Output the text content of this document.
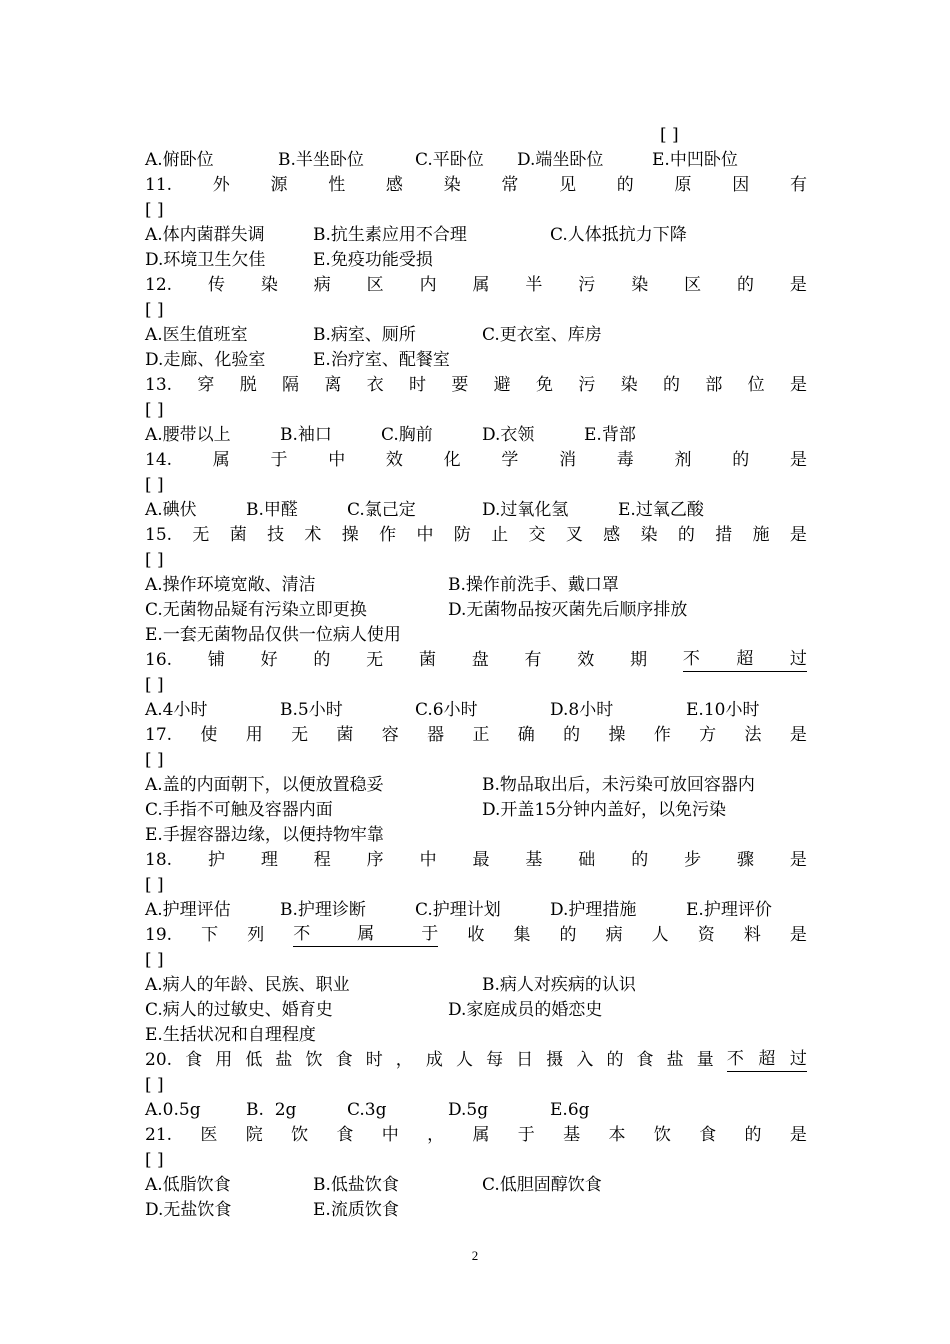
[ ]
A.俯卧位	B.半坐卧位	C.平卧位 D.端坐卧位	E.中凹卧位
11. 外 源 性 感 染 常 见 的 原 因 有
[ ]
A.体内菌群失调	B.抗生素应用不合理	C.人体抵抗力下降
D.环境卫生欠佳	E.免疫功能受损
12. 传 染 病 区 内 属 半 污 染 区 的 是
[ ]
A.医生值班室	B.病室、厕所	C.更衣室、库房
D.走廊、化验室	E.治疗室、配餐室
13. 穿 脱 隔 离 衣 时 要 避 免 污 染 的 部 位 是
[ ]
A.腰带以上	B.袖口	C.胸前	D.衣领	E.背部
14. 属 于 中 效 化 学 消 毒 剂 的 是
[ ]
A.碘伏	B.甲醛	C.氯己定	D.过氧化氢	E.过氧乙酸
15. 无 菌 技 术 操 作 中 防 止 交 叉 感 染 的 措 施 是
[ ]
A.操作环境宽敞、清洁	B.操作前洗手、戴口罩
C.无菌物品疑有污染立即更换	D.无菌物品按灭菌先后顺序排放
E.一套无菌物品仅供一位病人使用
16. 铺 好 的 无 菌 盘 有 效 期 不 超 过
[ ]
A.4小时	B.5小时	C.6小时	D.8小时	E.10小时
17. 使 用 无 菌 容 器 正 确 的 操 作 方 法 是
[ ]
A.盖的内面朝下，以便放置稳妥	B.物品取出后，未污染可放回容器内
C.手指不可触及容器内面	D.开盖15分钟内盖好，以免污染
E.手握容器边缘，以便持物牢靠
18. 护 理 程 序 中 最 基 础 的 步 骤 是
[ ]
A.护理评估	B.护理诊断	C.护理计划	D.护理措施	E.护理评价
19. 下 列 不	属	于 收 集 的 病 人 资 料 是
[ ]
A.病人的年龄、民族、职业	B.病人对疾病的认识
C.病人的过敏史、婚育史	D.家庭成员的婚恋史
E.生括状况和自理程度
20. 食 用 低 盐 饮 食 时 ， 成 人 每 日 摄 入 的 食 盐 量 不 超 过
[ ]
A.0.5g	B.  2g	C.3g	D.5g	E.6g
21. 医 院 饮 食 中 ， 属 于 基 本 饮 食 的 是
[ ]
A.低脂饮食	B.低盐饮食	C.低胆固醇饮食
D.无盐饮食	E.流质饮食
2
